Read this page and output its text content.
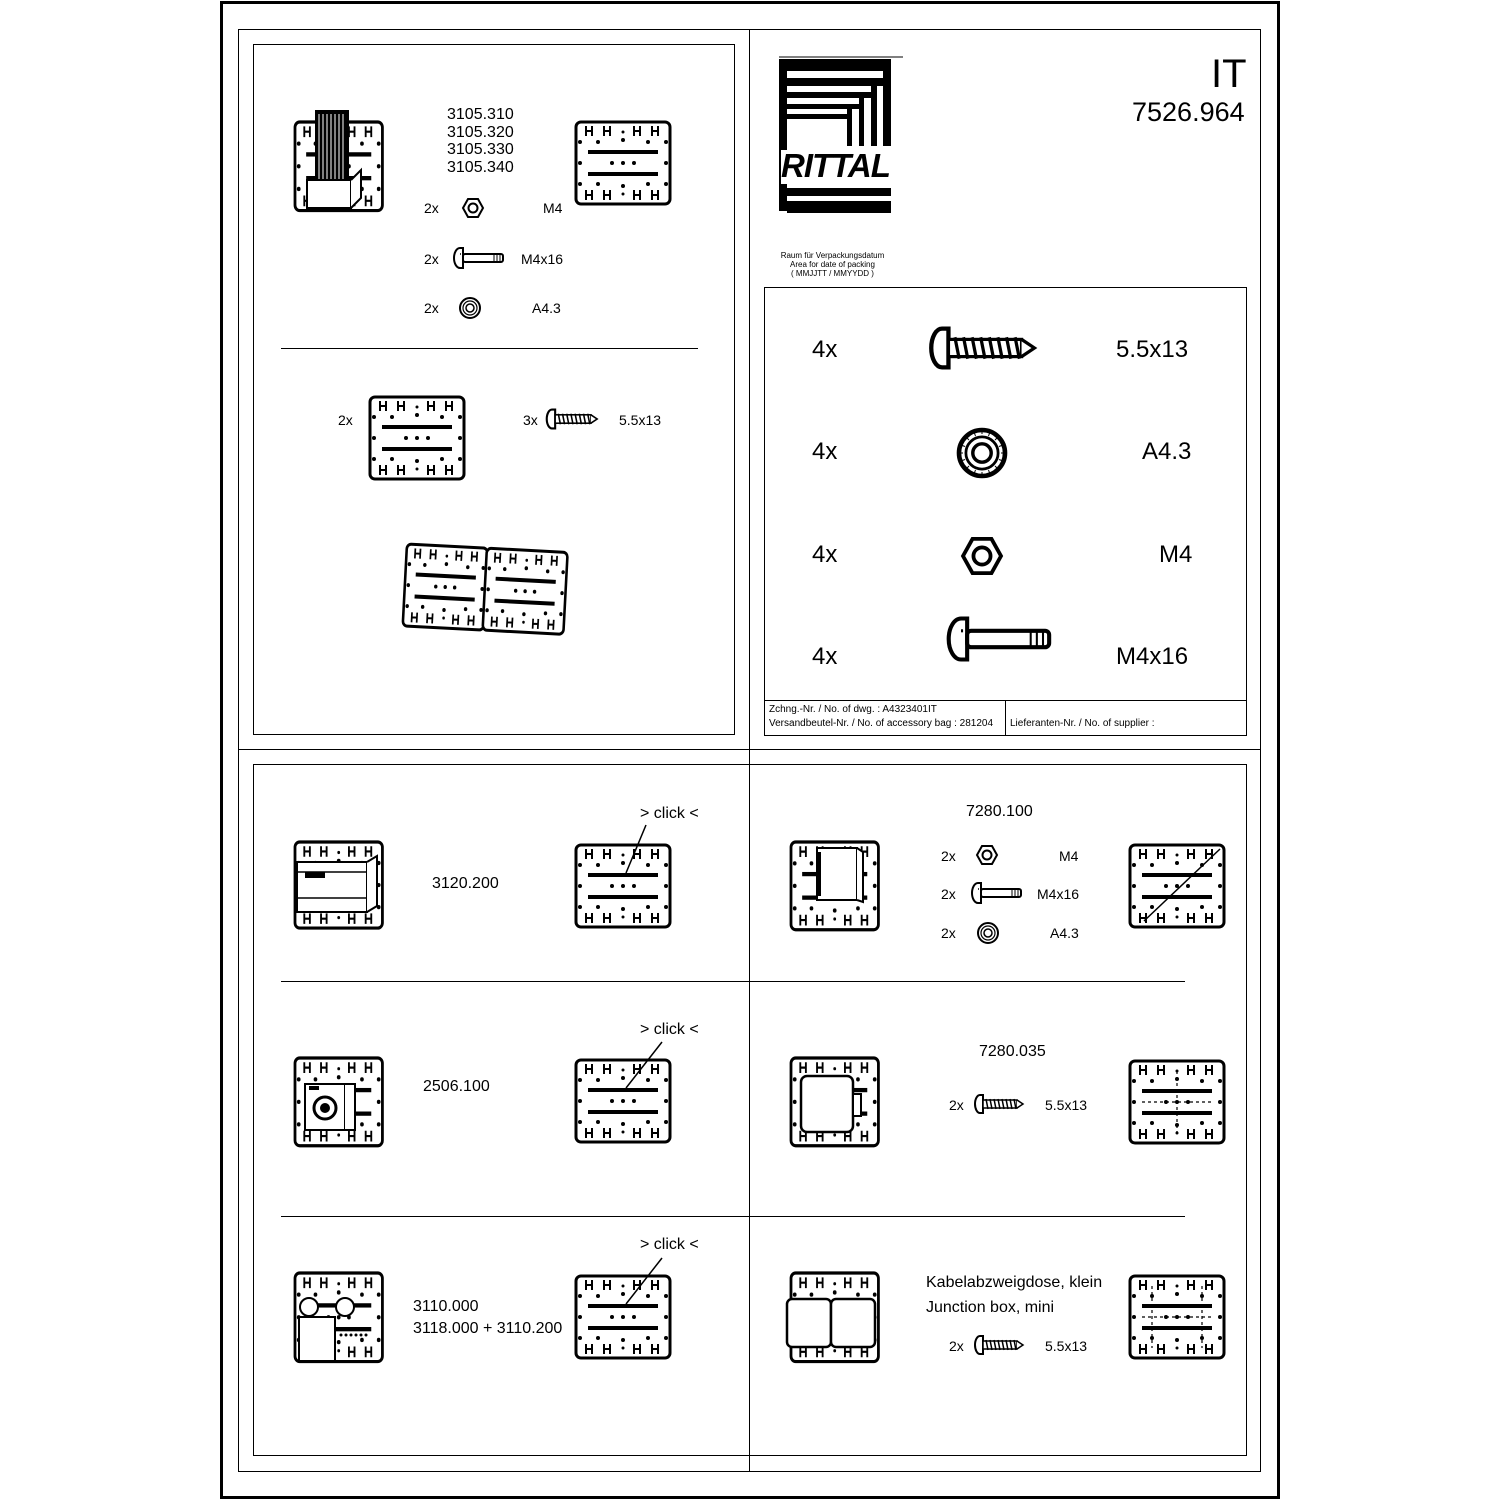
3105.310
3105.320
3105.330
3105.340
2x	M4
2x	M4x16
2x	A4.3
2x	3x	5.5x13
RITTAL
IT
7526.964
Raum für Verpackungsdatum
Area for date of packing
( MMJJTT / MMYYDD )
4x	5.5x13
4x	A4.3
4x	M4
4x	M4x16
Zchng.-Nr. / No. of dwg. : A4323401IT
Versandbeutel-Nr. / No. of accessory bag : 281204 Lieferanten-Nr. / No. of supplier :
3120.200
> click <
2506.100
> click <
3110.000
3118.000 + 3110.200
> click <
7280.100
2x	M4
2x	M4x16
2x	A4.3
7280.035
2x	5.5x13
Kabelabzweigdose, klein
Junction box, mini
2x	5.5x13
